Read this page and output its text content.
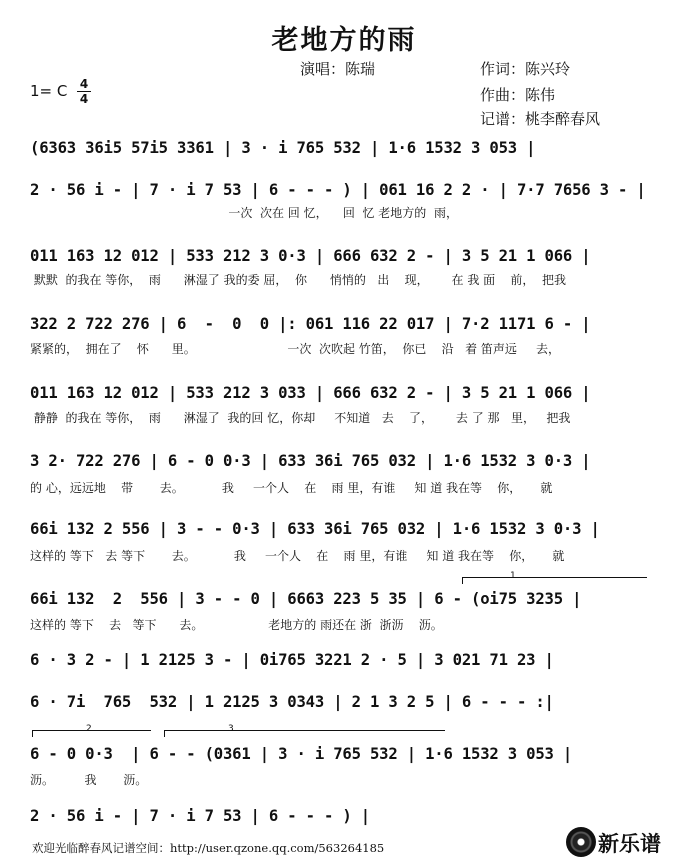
老地方的雨
演唱：陈瑞	作词：陈兴玲
作曲：陈伟
记谱：桃李醉春风
1= C 4
4
(6363 36i5 57i5 3361 | 3 · i 765 532 | 1·6 1532 3 053 |
2 · 56 i - | 7 · i 7 53 | 6 - - - ) | 061 16 2 2 · | 7·7 7656 3 - |
一次  次在 回 忆，    回  忆 老地方的  雨，
011 163 12 012 | 533 212 3 0·3 | 666 632 2 - | 3 5 21 1 066 |
默默  的我在 等你，  雨      淋湿了 我的委 屈，  你      悄悄的   出    现，      在 我 面    前，  把我
322 2 722 276 | 6  -  0  0 |: 061 116 22 017 | 7·2 1171 6 - |
紧紧的，  拥在了    怀      里。                        一次  次吹起 竹笛，  你已    沿   着 笛声远     去，
011 163 12 012 | 533 212 3 033 | 666 632 2 - | 3 5 21 1 066 |
静静  的我在 等你，  雨      淋湿了  我的回 忆，你却     不知道   去    了，      去 了 那   里，   把我
3 2· 722 276 | 6 - 0 0·3 | 633 36i 765 032 | 1·6 1532 3 0·3 |
的 心，远远地    带       去。          我     一个人    在    雨 里，有谁     知 道 我在等    你，     就
66i 132 2 556 | 3 - - 0·3 | 633 36i 765 032 | 1·6 1532 3 0·3 |
这样的 等下   去 等下       去。          我     一个人    在    雨 里，有谁     知 道 我在等    你，     就
1
66i 132  2  556 | 3 - - 0 | 6663 223 5 35 | 6 - (oi75 3235 |
这样的 等下    去   等下      去。                 老地方的 雨还在 浙  浙沥    沥。
6 · 3 2 - | 1 2125 3 - | 0i765 3221 2 · 5 | 3 021 71 23 |
6 · 7i  765  532 | 1 2125 3 0343 | 2 1 3 2 5 | 6 - - - :|
2	3
6 - 0 0·3  | 6 - - (0361 | 3 · i 765 532 | 1·6 1532 3 053 |
沥。        我       沥。
2 · 56 i - | 7 · i 7 53 | 6 - - - ) |
欢迎光临醉春风记谱空间：http://user.qzone.qq.com/563264185	新乐谱
